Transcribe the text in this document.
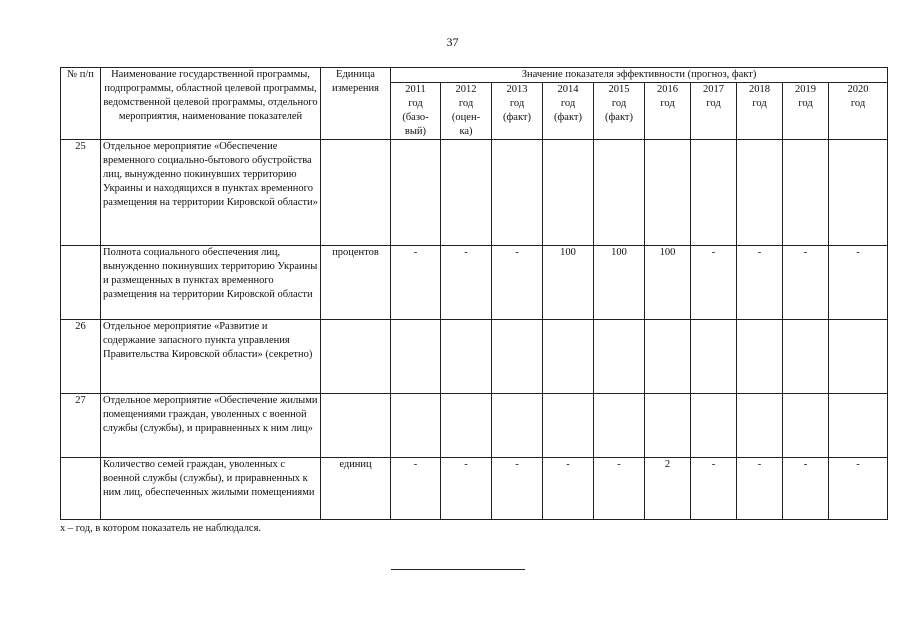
37
№ п/п	Наименование государственной программы, подпрограммы, областной целевой программы, ведомственной целевой программы, отдельного мероприятия, наименование показателей	Единица измерения	Значение показателя эффективности (прогноз, факт)									

			2011
год
(базо-
вый)	2012
год
(оцен-
ка)	2013
год
(факт)	2014
год
(факт)	2015
год
(факт)	2016
год	2017
год	2018
год	2019
год	2020
год

25	Отдельное мероприятие «Обеспечение временного социально-бытового обустройства лиц, вынужденно покинувших территорию Украины и находящихся в пунктах временного размещения на территории Кировской области»											
	Полнота социального обеспечения лиц, вынужденно покинувших территорию Украины и размещенных в пунктах временного размещения на территории Кировской области	процентов	-	-	-	100	100	100	-	-	-	-
26	Отдельное мероприятие «Развитие и содержание запасного пункта управления Правительства Кировской области» (секретно)											
27	Отдельное мероприятие «Обеспечение жилыми помещениями граждан, уволенных с военной службы (службы), и приравненных к ним лиц»											
	Количество семей граждан, уволенных с военной службы (службы), и приравненных к ним лиц, обеспеченных жилыми помещениями	единиц	-	-	-	-	-	2	-	-	-	-
х – год, в котором показатель не наблюдался.
